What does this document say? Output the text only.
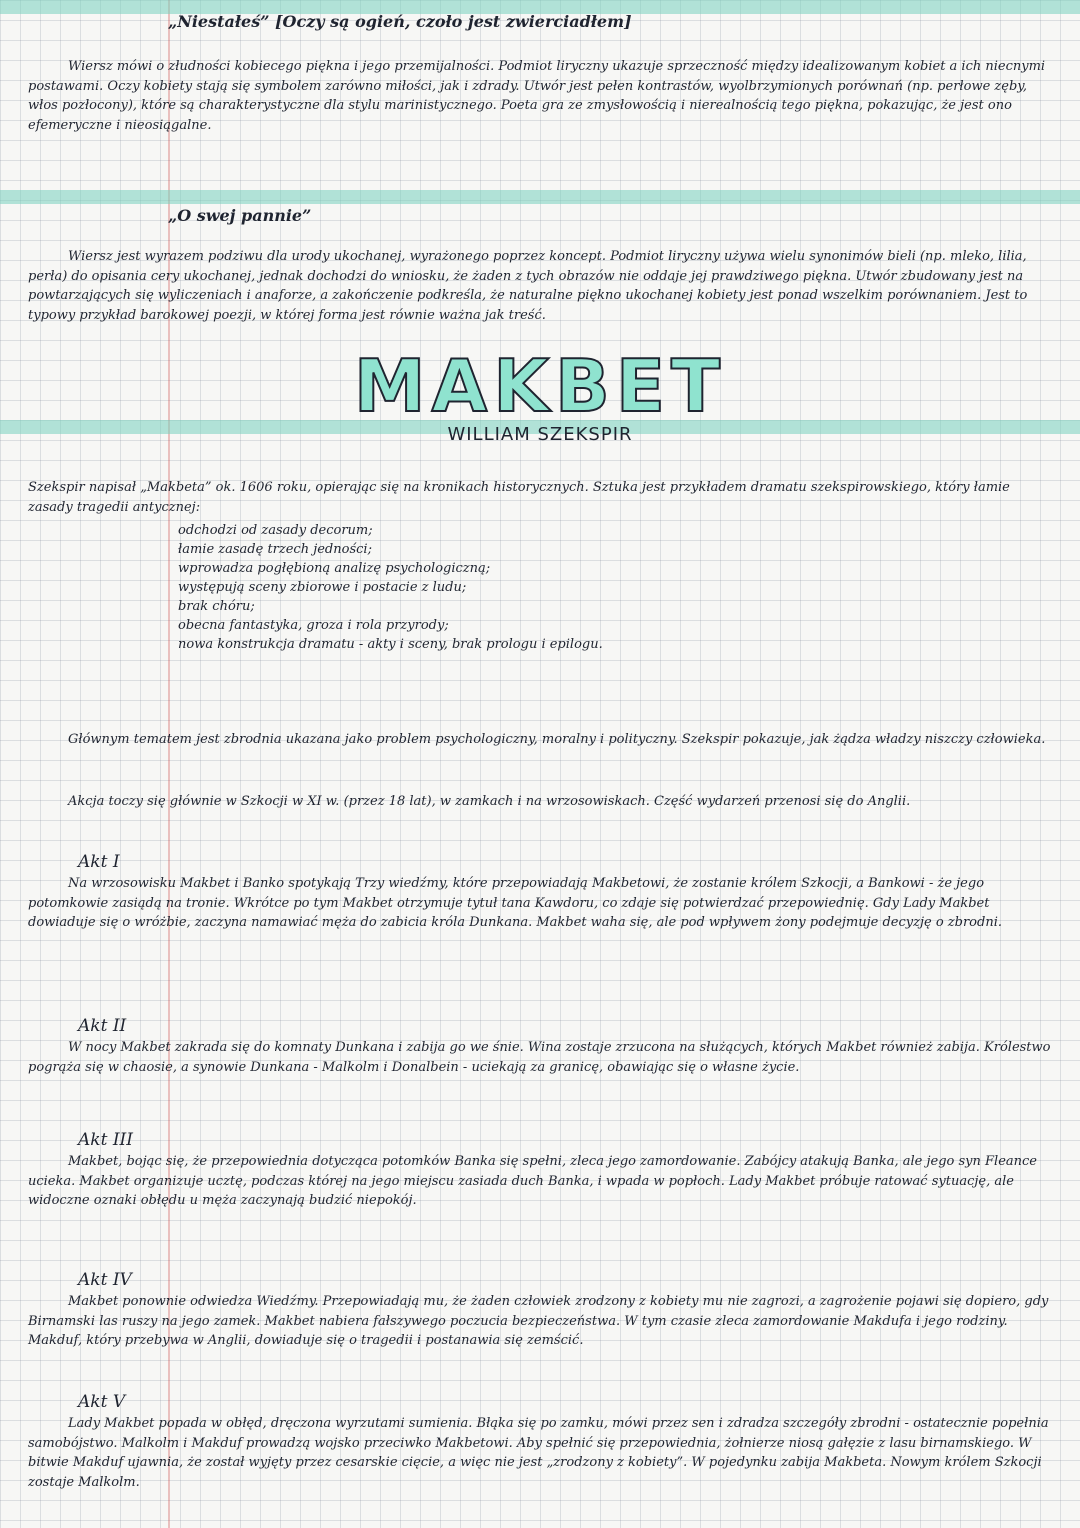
„Niestałeś” [Oczy są ogień, czoło jest zwierciadłem]

Wiersz mówi o złudności kobiecego piękna i jego przemijalności. Podmiot liryczny ukazuje sprzeczność między idealizowanym kobiet a ich niecnymi postawami. Oczy kobiety stają się symbolem zarówno miłości, jak i zdrady. Utwór jest pełen kontrastów, wyolbrzymionych porównań (np. perłowe zęby, włos pozłocony), które są charakterystyczne dla stylu marinistycznego. Poeta gra ze zmysłowością i nierealnością tego piękna, pokazując, że jest ono efemeryczne i nieosiągalne.

„O swej pannie”

Wiersz jest wyrazem podziwu dla urody ukochanej, wyrażonego poprzez koncept. Podmiot liryczny używa wielu synonimów bieli (np. mleko, lilia, perła) do opisania cery ukochanej, jednak dochodzi do wniosku, że żaden z tych obrazów nie oddaje jej prawdziwego piękna. Utwór zbudowany jest na powtarzających się wyliczeniach i anaforze, a zakończenie podkreśla, że naturalne piękno ukochanej kobiety jest ponad wszelkim porównaniem. Jest to typowy przykład barokowej poezji, w której forma jest równie ważna jak treść.

MAKBET
WILLIAM SZEKSPIR

Szekspir napisał „Makbeta” ok. 1606 roku, opierając się na kronikach historycznych. Sztuka jest przykładem dramatu szekspirowskiego, który łamie zasady tragedii antycznej:

odchodzi od zasady decorum;
łamie zasadę trzech jedności;
wprowadza pogłębioną analizę psychologiczną;
występują sceny zbiorowe i postacie z ludu;
brak chóru;
obecna fantastyka, groza i rola przyrody;
nowa konstrukcja dramatu - akty i sceny, brak prologu i epilogu.

Głównym tematem jest zbrodnia ukazana jako problem psychologiczny, moralny i polityczny. Szekspir pokazuje, jak żądza władzy niszczy człowieka.

Akcja toczy się głównie w Szkocji w XI w. (przez 18 lat), w zamkach i na wrzosowiskach. Część wydarzeń przenosi się do Anglii.

Akt I

Na wrzosowisku Makbet i Banko spotykają Trzy wiedźmy, które przepowiadają Makbetowi, że zostanie królem Szkocji, a Bankowi - że jego potomkowie zasiądą na tronie. Wkrótce po tym Makbet otrzymuje tytuł tana Kawdoru, co zdaje się potwierdzać przepowiednię. Gdy Lady Makbet dowiaduje się o wróżbie, zaczyna namawiać męża do zabicia króla Dunkana. Makbet waha się, ale pod wpływem żony podejmuje decyzję o zbrodni.

Akt II

W nocy Makbet zakrada się do komnaty Dunkana i zabija go we śnie. Wina zostaje zrzucona na służących, których Makbet również zabija. Królestwo pogrąża się w chaosie, a synowie Dunkana - Malkolm i Donalbein - uciekają za granicę, obawiając się o własne życie.

Akt III

Makbet, bojąc się, że przepowiednia dotycząca potomków Banka się spełni, zleca jego zamordowanie. Zabójcy atakują Banka, ale jego syn Fleance ucieka. Makbet organizuje ucztę, podczas której na jego miejscu zasiada duch Banka, i wpada w popłoch. Lady Makbet próbuje ratować sytuację, ale widoczne oznaki obłędu u męża zaczynają budzić niepokój.

Akt IV

Makbet ponownie odwiedza Wiedźmy. Przepowiadają mu, że żaden człowiek zrodzony z kobiety mu nie zagrozi, a zagrożenie pojawi się dopiero, gdy Birnamski las ruszy na jego zamek. Makbet nabiera fałszywego poczucia bezpieczeństwa. W tym czasie zleca zamordowanie Makdufa i jego rodziny. Makduf, który przebywa w Anglii, dowiaduje się o tragedii i postanawia się zemścić.

Akt V

Lady Makbet popada w obłęd, dręczona wyrzutami sumienia. Błąka się po zamku, mówi przez sen i zdradza szczegóły zbrodni - ostatecznie popełnia samobójstwo. Malkolm i Makduf prowadzą wojsko przeciwko Makbetowi. Aby spełnić się przepowiednia, żołnierze niosą gałęzie z lasu birnamskiego. W bitwie Makduf ujawnia, że został wyjęty przez cesarskie cięcie, a więc nie jest „zrodzony z kobiety”. W pojedynku zabija Makbeta. Nowym królem Szkocji zostaje Malkolm.
